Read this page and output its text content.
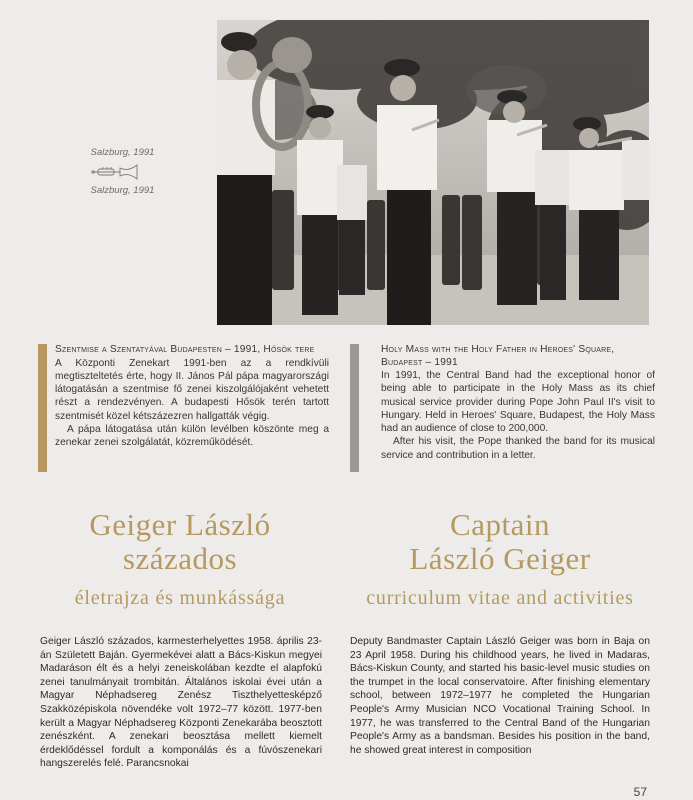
Salzburg, 1991
Salzburg, 1991
Szentmise a Szentatyával Budapesten – 1991, Hősök tere

A Központi Zenekart 1991-ben az a rendkívüli megtiszteltetés érte, hogy II. János Pál pápa magyarországi látogatásán a szentmise fő zenei kiszolgálójaként vehetett részt a rendezvényen. A budapesti Hősök terén tartott szentmisét közel kétszázezren hallgatták végig.

A pápa látogatása után külön levélben köszönte meg a zenekar zenei szolgálatát, közreműködését.

Holy Mass with the Holy Father in Heroes' Square, Budapest – 1991

In 1991, the Central Band had the exceptional honor of being able to participate in the Holy Mass as its chief musical service provider during Pope John Paul II's visit to Hungary. Held in Heroes' Square, Budapest, the Holy Mass had an audience of close to 200,000.

After his visit, the Pope thanked the band for its musical service and contribution in a letter.

Geiger László
százados
életrajza és munkássága
Captain
László Geiger
curriculum vitae and activities

Geiger László százados, karmesterhelyettes 1958. április 23-án Született Baján. Gyermekévei alatt a Bács-Kiskun megyei Madaráson élt és a helyi zeneiskolában kezdte el alapfokú zenei tanulmányait trombitán. Általános iskolai évei után a Magyar Néphadsereg Zenész Tiszthelyettesképző Szakközépiskola növendéke volt 1972–77 között. 1977-ben került a Magyar Néphadsereg Központi Zenekarába beosztott zenészként. A zenekari beosztása mellett kiemelt érdeklődéssel fordult a komponálás és a fúvószenekari hangszerelés felé. Parancsnokai

Deputy Bandmaster Captain László Geiger was born in Baja on 23 April 1958. During his childhood years, he lived in Madaras, Bács-Kiskun County, and started his basic-level music studies on the trumpet in the local conservatoire. After finishing elementary school, between 1972–1977 he completed the Hungarian People's Army Musician NCO Vocational Training School. In 1977, he was transferred to the Central Band of the Hungarian People's Army as a bandsman. Besides his position in the band, he showed great interest in composition

57
